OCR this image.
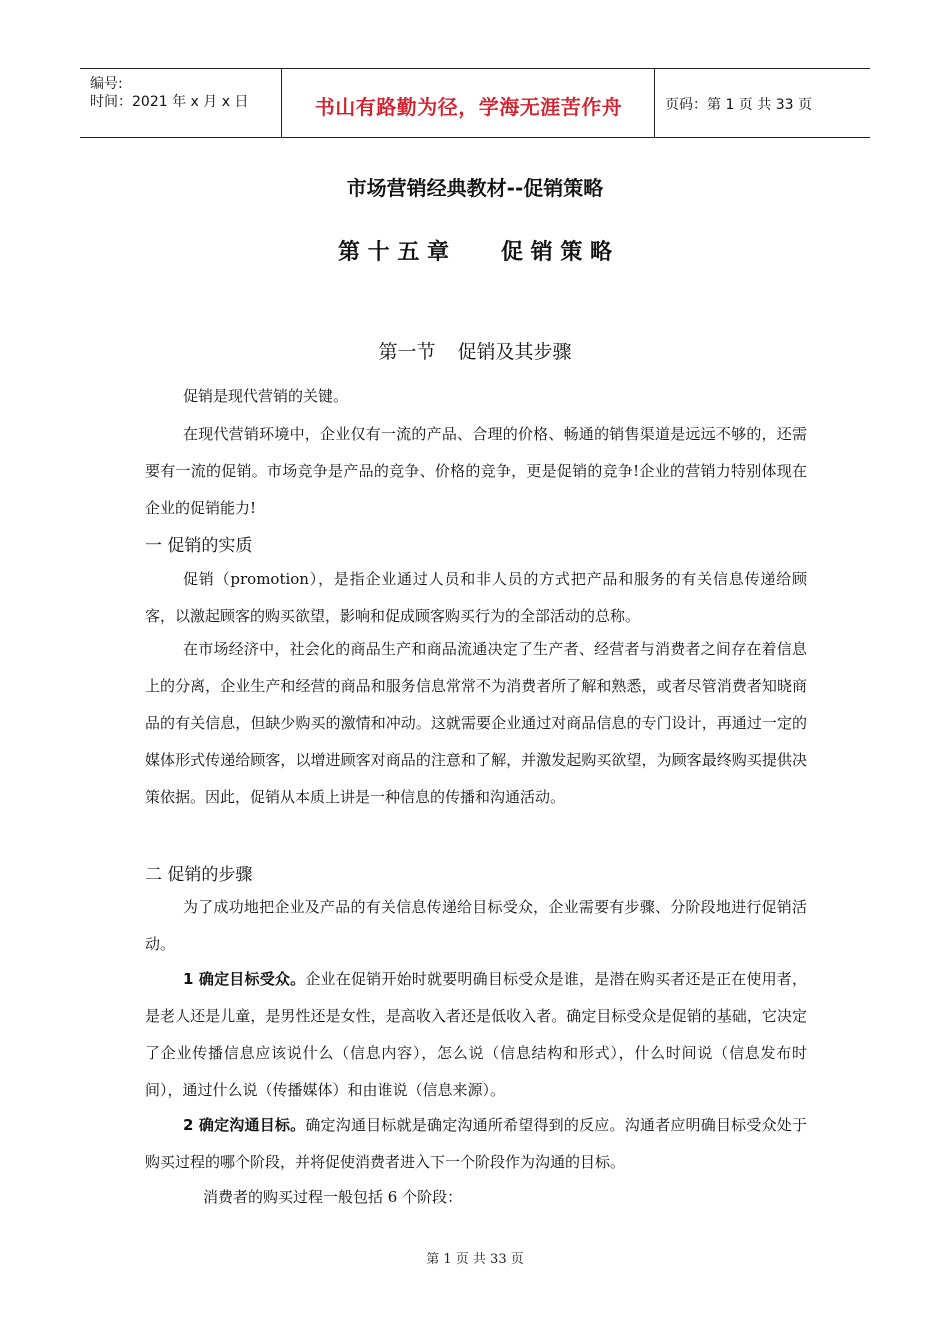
编号:
时间：2021 年 x 月 x 日	书山有路勤为径，学海无涯苦作舟	页码：第 1 页 共 33 页
市场营销经典教材--促销策略
第 十 五 章 促 销 策 略
第一节 促销及其步骤

促销是现代营销的关键。

在现代营销环境中，企业仅有一流的产品、合理的价格、畅通的销售渠道是远远不够的，还需要有一流的促销。市场竞争是产品的竞争、价格的竞争，更是促销的竞争!企业的营销力特别体现在企业的促销能力!

一 促销的实质

促销（promotion），是指企业通过人员和非人员的方式把产品和服务的有关信息传递给顾客，以激起顾客的购买欲望，影响和促成顾客购买行为的全部活动的总称。

在市场经济中，社会化的商品生产和商品流通决定了生产者、经营者与消费者之间存在着信息上的分离，企业生产和经营的商品和服务信息常常不为消费者所了解和熟悉，或者尽管消费者知晓商品的有关信息，但缺少购买的激情和冲动。这就需要企业通过对商品信息的专门设计，再通过一定的媒体形式传递给顾客，以增进顾客对商品的注意和了解，并激发起购买欲望，为顾客最终购买提供决策依据。因此，促销从本质上讲是一种信息的传播和沟通活动。

二 促销的步骤

为了成功地把企业及产品的有关信息传递给目标受众，企业需要有步骤、分阶段地进行促销活动。

1 确定目标受众。企业在促销开始时就要明确目标受众是谁，是潜在购买者还是正在使用者，是老人还是儿童，是男性还是女性，是高收入者还是低收入者。确定目标受众是促销的基础，它决定了企业传播信息应该说什么（信息内容），怎么说（信息结构和形式），什么时间说（信息发布时间），通过什么说（传播媒体）和由谁说（信息来源）。

2 确定沟通目标。确定沟通目标就是确定沟通所希望得到的反应。沟通者应明确目标受众处于购买过程的哪个阶段，并将促使消费者进入下一个阶段作为沟通的目标。

消费者的购买过程一般包括 6 个阶段：

第 1 页 共 33 页
